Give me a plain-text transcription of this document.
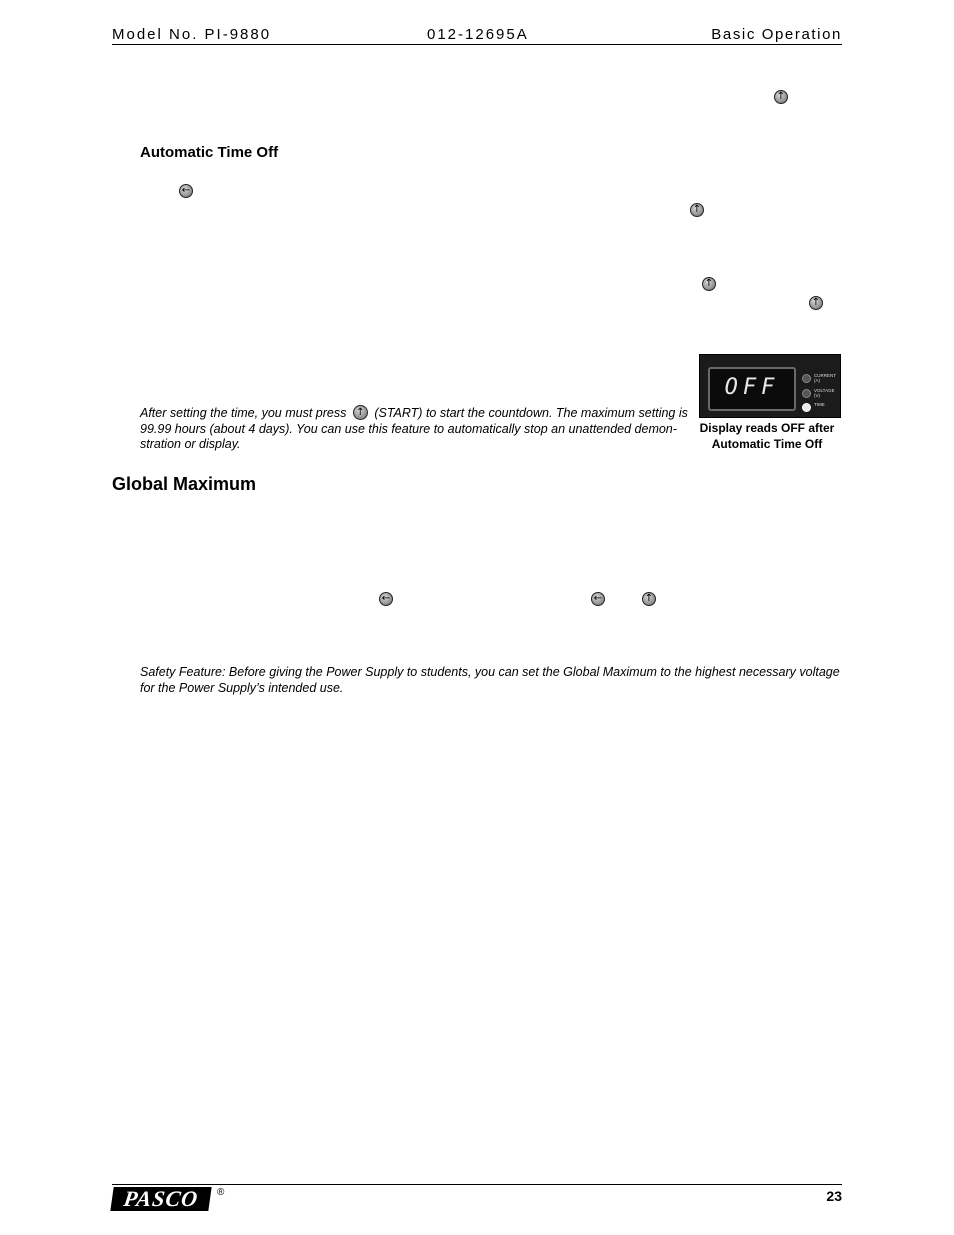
Model No. PI-9880	012-12695A	Basic Operation
↑
Automatic Time Off
←
↑
↑
↑
OFF	CURRENT
(A)
VOLTAGE
(V)
TIME
Display reads OFF after
Automatic Time Off
After setting the time, you must press ↑ (START) to start the countdown. The maximum setting is 99.99 hours (about 4 days). You can use this feature to automatically stop an unattended demon-stration or display.
Global Maximum
←	←	↑
Safety Feature: Before giving the Power Supply to students, you can set the Global Maximum to the highest necessary voltage for the Power Supply’s intended use.
PASCO	®	23
